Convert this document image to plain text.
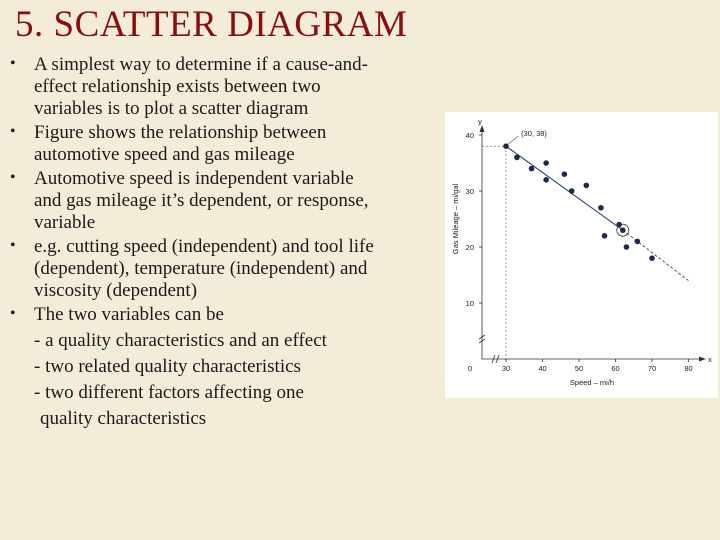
5. SCATTER DIAGRAM
• A simplest way to determine if a cause-and-
effect relationship exists between two
variables is to plot a scatter diagram
• Figure shows the relationship between
automotive speed and gas mileage
• Automotive speed is independent variable
and gas mileage it’s dependent, or response,
variable
• e.g. cutting speed (independent) and tool life
(dependent), temperature (independent) and
viscosity (dependent)
• The two variables can be
- a quality characteristics and an effect
- two related quality characteristics
- two different factors affecting one
quality characteristics
y
x
0	30	40	50	60	70	80
10
20
30
40
Speed – mi/h
Gas Mileage – mi/gal
(30, 38)
